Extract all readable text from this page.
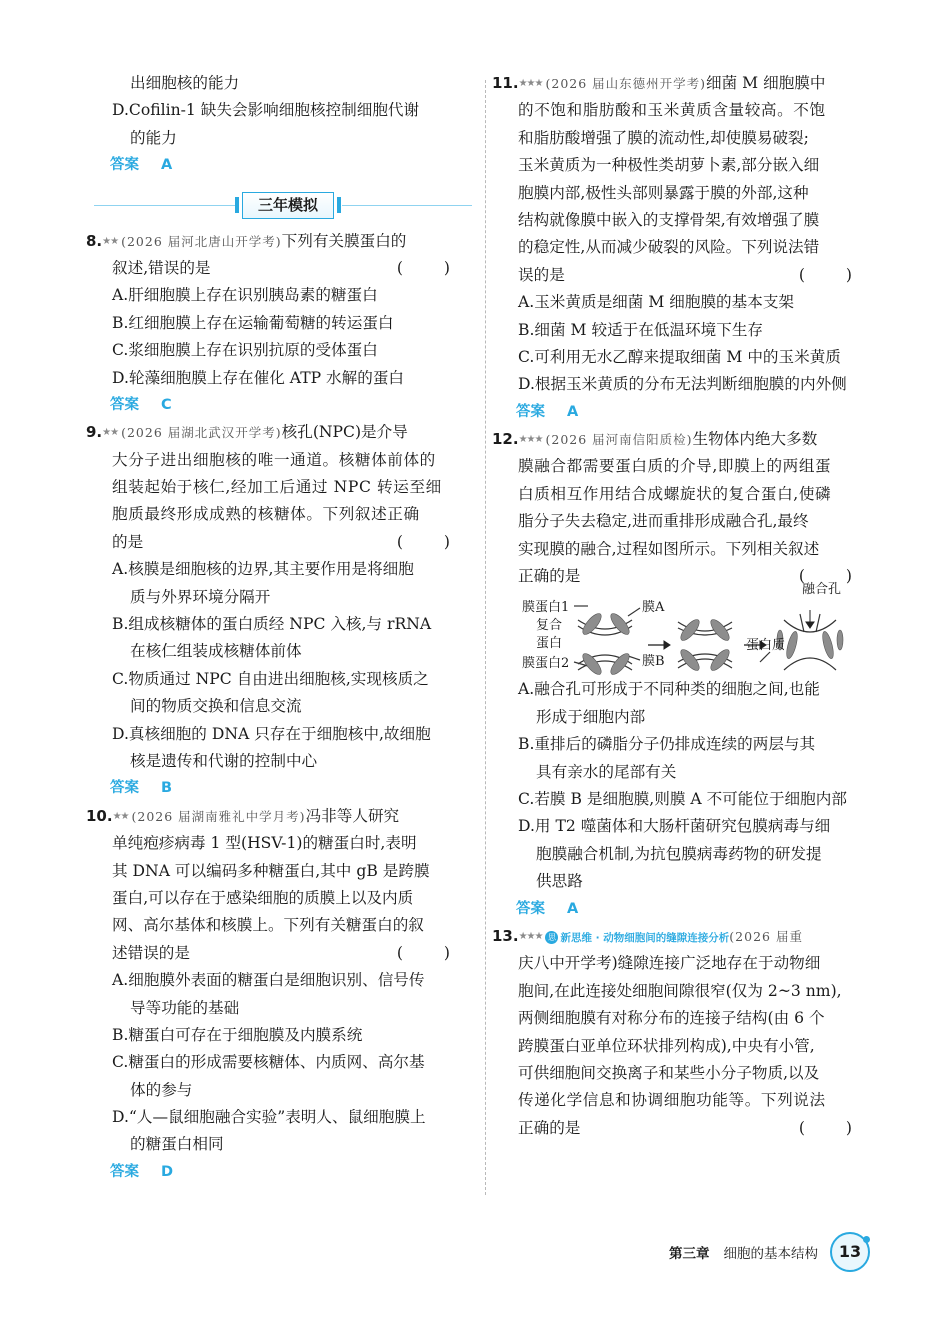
出细胞核的能力
D.Cofilin-1 缺失会影响细胞核控制细胞代谢
的能力
答案 A
三年模拟
8.★★ (2026 届河北唐山开学考)下列有关膜蛋白的
叙述,错误的是	( )
A.肝细胞膜上存在识别胰岛素的糖蛋白
B.红细胞膜上存在运输葡萄糖的转运蛋白
C.浆细胞膜上存在识别抗原的受体蛋白
D.轮藻细胞膜上存在催化 ATP 水解的蛋白
答案 C
9.★★ (2026 届湖北武汉开学考)核孔(NPC)是介导
大分子进出细胞核的唯一通道。核糖体前体的
组装起始于核仁,经加工后通过 NPC 转运至细
胞质最终形成成熟的核糖体。下列叙述正确
的是	( )
A.核膜是细胞核的边界,其主要作用是将细胞
质与外界环境分隔开
B.组成核糖体的蛋白质经 NPC 入核,与 rRNA
在核仁组装成核糖体前体
C.物质通过 NPC 自由进出细胞核,实现核质之
间的物质交换和信息交流
D.真核细胞的 DNA 只存在于细胞核中,故细胞
核是遗传和代谢的控制中心
答案 B
10.★★ (2026 届湖南雅礼中学月考)冯非等人研究
单纯疱疹病毒 1 型(HSV-1)的糖蛋白时,表明
其 DNA 可以编码多种糖蛋白,其中 gB 是跨膜
蛋白,可以存在于感染细胞的质膜上以及内质
网、高尔基体和核膜上。下列有关糖蛋白的叙
述错误的是	( )
A.细胞膜外表面的糖蛋白是细胞识别、信号传
导等功能的基础
B.糖蛋白可存在于细胞膜及内膜系统
C.糖蛋白的形成需要核糖体、内质网、高尔基
体的参与
D.“人—鼠细胞融合实验”表明人、鼠细胞膜上
的糖蛋白相同
答案 D
11.★★★ (2026 届山东德州开学考)细菌 M 细胞膜中
的不饱和脂肪酸和玉米黄质含量较高。不饱
和脂肪酸增强了膜的流动性,却使膜易破裂;
玉米黄质为一种极性类胡萝卜素,部分嵌入细
胞膜内部,极性头部则暴露于膜的外部,这种
结构就像膜中嵌入的支撑骨架,有效增强了膜
的稳定性,从而减少破裂的风险。下列说法错
误的是	( )
A.玉米黄质是细菌 M 细胞膜的基本支架
B.细菌 M 较适于在低温环境下生存
C.可利用无水乙醇来提取细菌 M 中的玉米黄质
D.根据玉米黄质的分布无法判断细胞膜的内外侧
答案 A
12.★★★ (2026 届河南信阳质检)生物体内绝大多数
膜融合都需要蛋白质的介导,即膜上的两组蛋
白质相互作用结合成螺旋状的复合蛋白,使磷
脂分子失去稳定,进而重排形成融合孔,最终
实现膜的融合,过程如图所示。下列相关叙述
正确的是	( )
膜蛋白1
复合
蛋白
膜蛋白2
膜A
膜B
蛋白质
融合孔
A.融合孔可形成于不同种类的细胞之间,也能
形成于细胞内部
B.重排后的磷脂分子仍排成连续的两层与其
具有亲水的尾部有关
C.若膜 B 是细胞膜,则膜 A 不可能位于细胞内部
D.用 T2 噬菌体和大肠杆菌研究包膜病毒与细
胞膜融合机制,为抗包膜病毒药物的研发提
供思路
答案 A
13.★★★ 思 新思维 · 动物细胞间的缝隙连接分析(2026 届重
庆八中开学考)缝隙连接广泛地存在于动物细
胞间,在此连接处细胞间隙很窄(仅为 2~3 nm),
两侧细胞膜有对称分布的连接子结构(由 6 个
跨膜蛋白亚单位环状排列构成),中央有小管,
可供细胞间交换离子和某些小分子物质,以及
传递化学信息和协调细胞功能等。下列说法
正确的是	( )
第三章 细胞的基本结构	13
